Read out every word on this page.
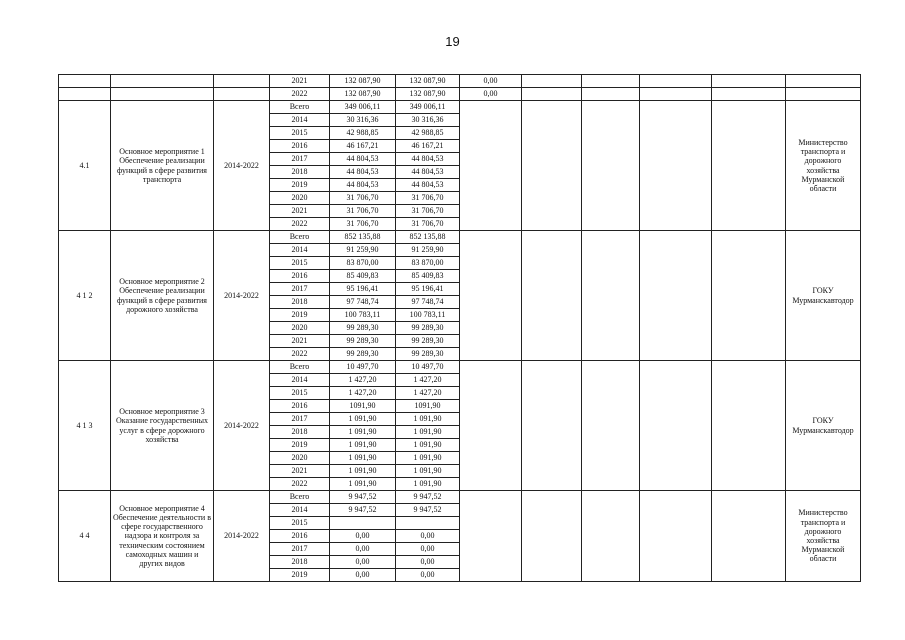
19
			2021	132 087,90	132 087,90	0,00					
			2022	132 087,90	132 087,90	0,00					
4.1	Основное мероприятие 1 Обеспечение реализации функций в сфере развития транспорта	2014-2022	Всего	349 006,11	349 006,11						Министерство транспорта и дорожного хозяйства Мурманской области
			2014	30 316,36	30 316,36						
			2015	42 988,85	42 988,85						
			2016	46 167,21	46 167,21						
			2017	44 804,53	44 804,53						
			2018	44 804,53	44 804,53						
			2019	44 804,53	44 804,53						
			2020	31 706,70	31 706,70						
			2021	31 706,70	31 706,70						
			2022	31 706,70	31 706,70						
4 1 2	Основное мероприятие 2 Обеспечение реализации функций в сфере развития дорожного хозяйства	2014-2022	Всего	852 135,88	852 135,88						ГОКУ Мурманскавтодор
			2014	91 259,90	91 259,90						
			2015	83 870,00	83 870,00						
			2016	85 409,83	85 409,83						
			2017	95 196,41	95 196,41						
			2018	97 748,74	97 748,74						
			2019	100 783,11	100 783,11						
			2020	99 289,30	99 289,30						
			2021	99 289,30	99 289,30						
			2022	99 289,30	99 289,30						
4 1 3	Основное мероприятие 3 Оказание государственных услуг в сфере дорожного хозяйства	2014-2022	Всего	10 497,70	10 497,70						ГОКУ Мурманскавтодор
			2014	1 427,20	1 427,20						
			2015	1 427,20	1 427,20						
			2016	1091,90	1091,90						
			2017	1 091,90	1 091,90						
			2018	1 091,90	1 091,90						
			2019	1 091,90	1 091,90						
			2020	1 091,90	1 091,90						
			2021	1 091,90	1 091,90						
			2022	1 091,90	1 091,90						
4 4	Основное мероприятие 4 Обеспечение деятельности в сфере государственного надзора и контроля за техническим состоянием самоходных машин и других видов	2014-2022	Всего	9 947,52	9 947,52						Министерство транспорта и дорожного хозяйства Мурманской области
			2014	9 947,52	9 947,52						
			2015								
			2016	0,00	0,00						
			2017	0,00	0,00						
			2018	0,00	0,00						
			2019	0,00	0,00						
